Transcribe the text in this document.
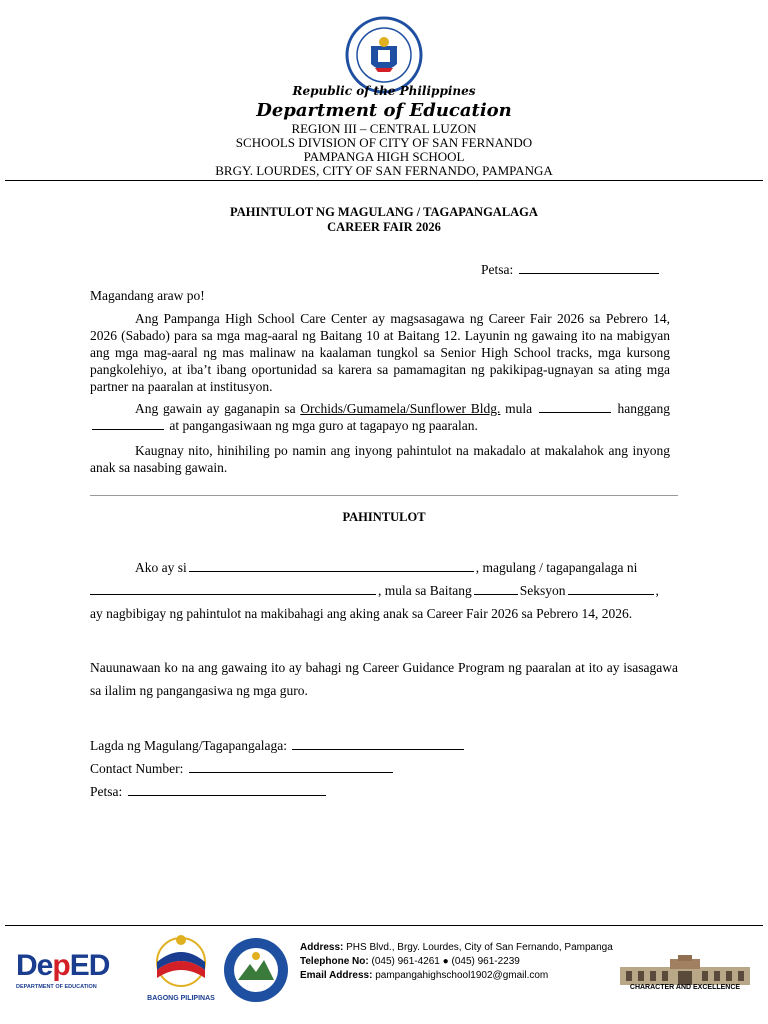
Republic of the Philippines
Department of Education
REGION III – CENTRAL LUZON
SCHOOLS DIVISION OF CITY OF SAN FERNANDO
PAMPANGA HIGH SCHOOL
BRGY. LOURDES, CITY OF SAN FERNANDO, PAMPANGA
PAHINTULOT NG MAGULANG / TAGAPANGALAGA
CAREER FAIR 2026
Petsa:
Magandang araw po!
Ang Pampanga High School Care Center ay magsasagawa ng Career Fair 2026 sa Pebrero 14, 2026 (Sabado) para sa mga mag-aaral ng Baitang 10 at Baitang 12. Layunin ng gawaing ito na mabigyan ang mga mag-aaral ng mas malinaw na kaalaman tungkol sa Senior High School tracks, mga kursong pangkolehiyo, at iba’t ibang oportunidad sa karera sa pamamagitan ng pakikipag-ugnayan sa ating mga partner na paaralan at institusyon.
Ang gawain ay gaganapin sa Orchids/Gumamela/Sunflower Bldg. mula	hanggang  at pangangasiwaan ng mga guro at tagapayo ng paaralan.
Kaugnay nito, hinihiling po namin ang inyong pahintulot na makadalo at makalahok ang inyong anak sa nasabing gawain.
PAHINTULOT
Ako ay si	, magulang / tagapangalaga ni
, mula sa Baitang	Seksyon	,
ay nagbibigay ng pahintulot na makibahagi ang aking anak sa Career Fair 2026 sa Pebrero 14, 2026.
Nauunawaan ko na ang gawaing ito ay bahagi ng Career Guidance Program ng paaralan at ito ay isasagawa sa ilalim ng pangangasiwa ng mga guro.
Lagda ng Magulang/Tagapangalaga:
Contact Number:
Petsa:
DepED
DEPARTMENT OF EDUCATION
BAGONG PILIPINAS
Address: PHS Blvd., Brgy. Lourdes, City of San Fernando, Pampanga
Telephone No: (045) 961-4261 ● (045) 961-2239
Email Address: pampangahighschool1902@gmail.com
CHARACTER AND EXCELLENCE
